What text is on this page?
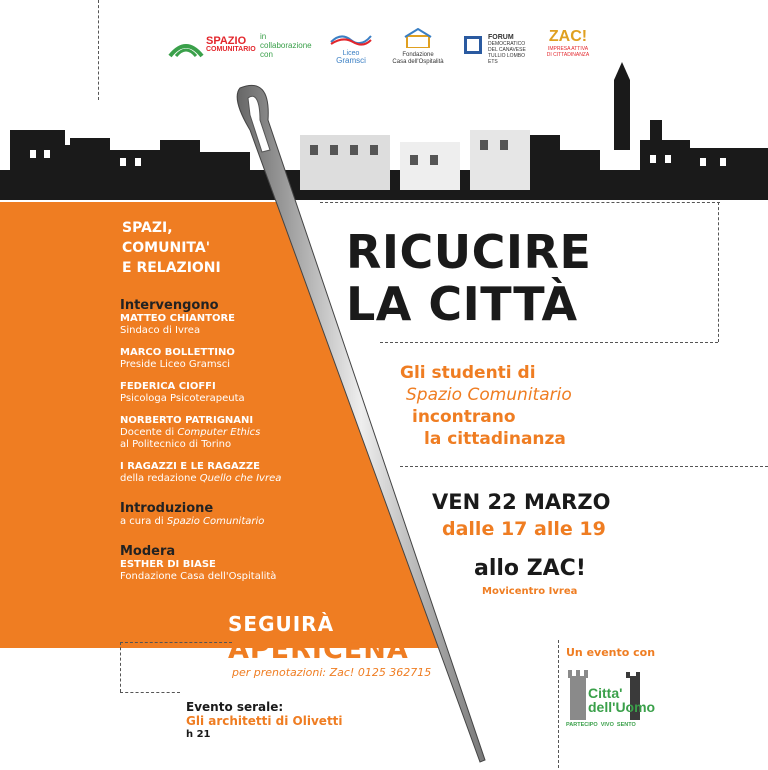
SPAZIO
COMUNITARIO
in
collaborazione
con	Liceo
Gramsci
Fondazione
Casa dell'Ospitalità
FORUM
DEMOCRATICO
DEL CANAVESE
TULLIO LOMBO ETS
ZAC!
IMPRESA ATTIVA DI CITTADINANZA
SPAZI,
COMUNITA'
E RELAZIONI
Intervengono
MATTEO CHIANTORE
Sindaco di Ivrea
MARCO BOLLETTINO
Preside Liceo Gramsci
FEDERICA CIOFFI
Psicologa Psicoterapeuta
NORBERTO PATRIGNANI
Docente di Computer Ethics
al Politecnico di Torino
I RAGAZZI E LE RAGAZZE
della redazione Quello che Ivrea
Introduzione
a cura di Spazio Comunitario
Modera
ESTHER DI BIASE
Fondazione Casa dell'Ospitalità
RICUCIRE
LA CITTÀ
Gli studenti di
Spazio Comunitario
incontrano
la cittadinanza
VEN 22 MARZO
dalle 17 alle 19
allo ZAC!
Movicentro Ivrea
SEGUIRÀ
APERICENA
per prenotazioni: Zac! 0125 362715
Evento serale:
Gli architetti di Olivetti
h 21
Un evento con
Citta'
dell'Uomo
PARTECIPO  VIVO  SENTO
